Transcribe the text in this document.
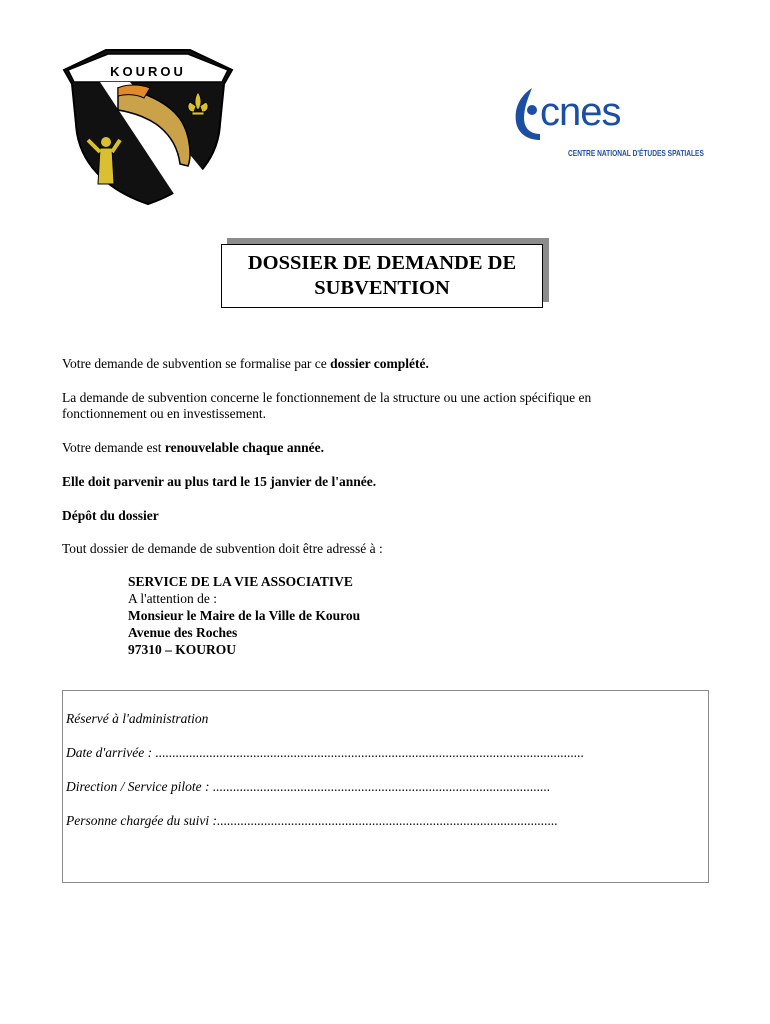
KOUROU
cnes
CENTRE NATIONAL D'ÉTUDES SPATIALES
DOSSIER DE DEMANDE DE
SUBVENTION
Votre demande de subvention se formalise par ce dossier complété.
La demande de subvention concerne le fonctionnement de la structure ou une action spécifique en
fonctionnement ou en investissement.
Votre demande est renouvelable chaque année.
Elle doit parvenir au plus tard le 15 janvier de l'année.
Dépôt du dossier
Tout dossier de demande de subvention doit être adressé à :
SERVICE DE LA VIE ASSOCIATIVE
A l'attention de :
Monsieur le Maire de la Ville de Kourou
Avenue des Roches
97310 – KOUROU
Réservé à l'administration
Date d'arrivée : ...............................................................................................................................
Direction / Service pilote : ....................................................................................................
Personne chargée du suivi :.....................................................................................................
